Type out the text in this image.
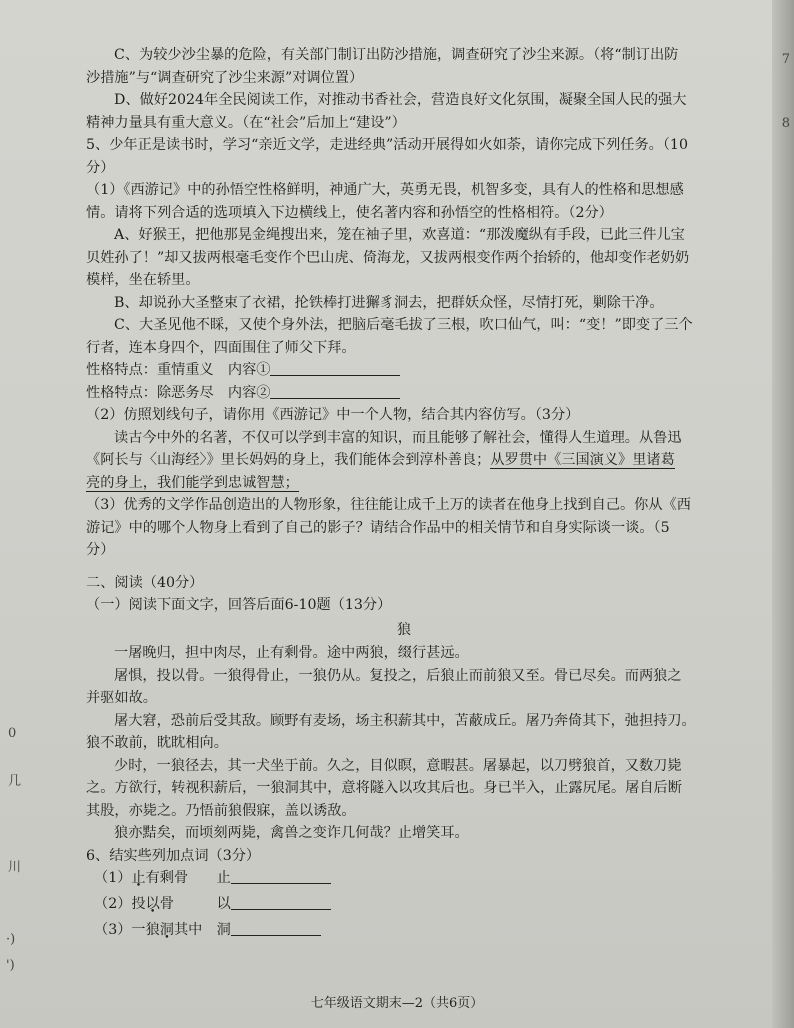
7
8
0
几
川
·)
')
C、为较少沙尘暴的危险，有关部门制订出防沙措施，调查研究了沙尘来源。（将“制订出防
沙措施”与“调查研究了沙尘来源”对调位置）
D、做好2024年全民阅读工作，对推动书香社会，营造良好文化氛围，凝聚全国人民的强大
精神力量具有重大意义。（在“社会”后加上“建设”）
5、少年正是读书时，学习“亲近文学，走进经典”活动开展得如火如荼，请你完成下列任务。（10
分）
（1）《西游记》中的孙悟空性格鲜明，神通广大，英勇无畏，机智多变，具有人的性格和思想感
情。请将下列合适的选项填入下边横线上，使名著内容和孙悟空的性格相符。（2分）
A、好猴王，把他那晃金绳搜出来，笼在袖子里，欢喜道：“那泼魔纵有手段，已此三件儿宝
贝姓孙了！”却又拔两根毫毛变作个巴山虎、倚海龙，又拔两根变作两个抬轿的，他却变作老奶奶
模样，坐在轿里。
B、却说孙大圣整束了衣裙，抡铁棒打进獬豸洞去，把群妖众怪，尽情打死，剿除干净。
C、大圣见他不睬，又使个身外法，把脑后毫毛拔了三根，吹口仙气，叫：“变！”即变了三个
行者，连本身四个，四面围住了师父下拜。
性格特点：重情重义　内容①
性格特点：除恶务尽　内容②
（2）仿照划线句子，请你用《西游记》中一个人物，结合其内容仿写。（3分）
读古今中外的名著，不仅可以学到丰富的知识，而且能够了解社会，懂得人生道理。从鲁迅
《阿长与〈山海经〉》里长妈妈的身上，我们能体会到淳朴善良；从罗贯中《三国演义》里诸葛
亮的身上，我们能学到忠诚智慧；
（3）优秀的文学作品创造出的人物形象，往往能让成千上万的读者在他身上找到自己。你从《西
游记》中的哪个人物身上看到了自己的影子？请结合作品中的相关情节和自身实际谈一谈。（5
分）
二、阅读（40分）
（一）阅读下面文字，回答后面6-10题（13分）
狼
一屠晚归，担中肉尽，止有剩骨。途中两狼，缀行甚远。
屠惧，投以骨。一狼得骨止，一狼仍从。复投之，后狼止而前狼又至。骨已尽矣。而两狼之
并驱如故。
屠大窘，恐前后受其敌。顾野有麦场，场主积薪其中，苫蔽成丘。屠乃奔倚其下，弛担持刀。
狼不敢前，眈眈相向。
少时，一狼径去，其一犬坐于前。久之，目似瞑，意暇甚。屠暴起，以刀劈狼首，又数刀毙
之。方欲行，转视积薪后，一狼洞其中，意将隧入以攻其后也。身已半入，止露尻尾。屠自后断
其股，亦毙之。乃悟前狼假寐，盖以诱敌。
狼亦黠矣，而顷刻两毙，禽兽之变诈几何哉？止增笑耳。
6、结实些列加点词（3分）
（1）止有剩骨　　止
（2）投以骨　　　以
（3）一狼洞其中　洞
七年级语文期末—2（共6页）
